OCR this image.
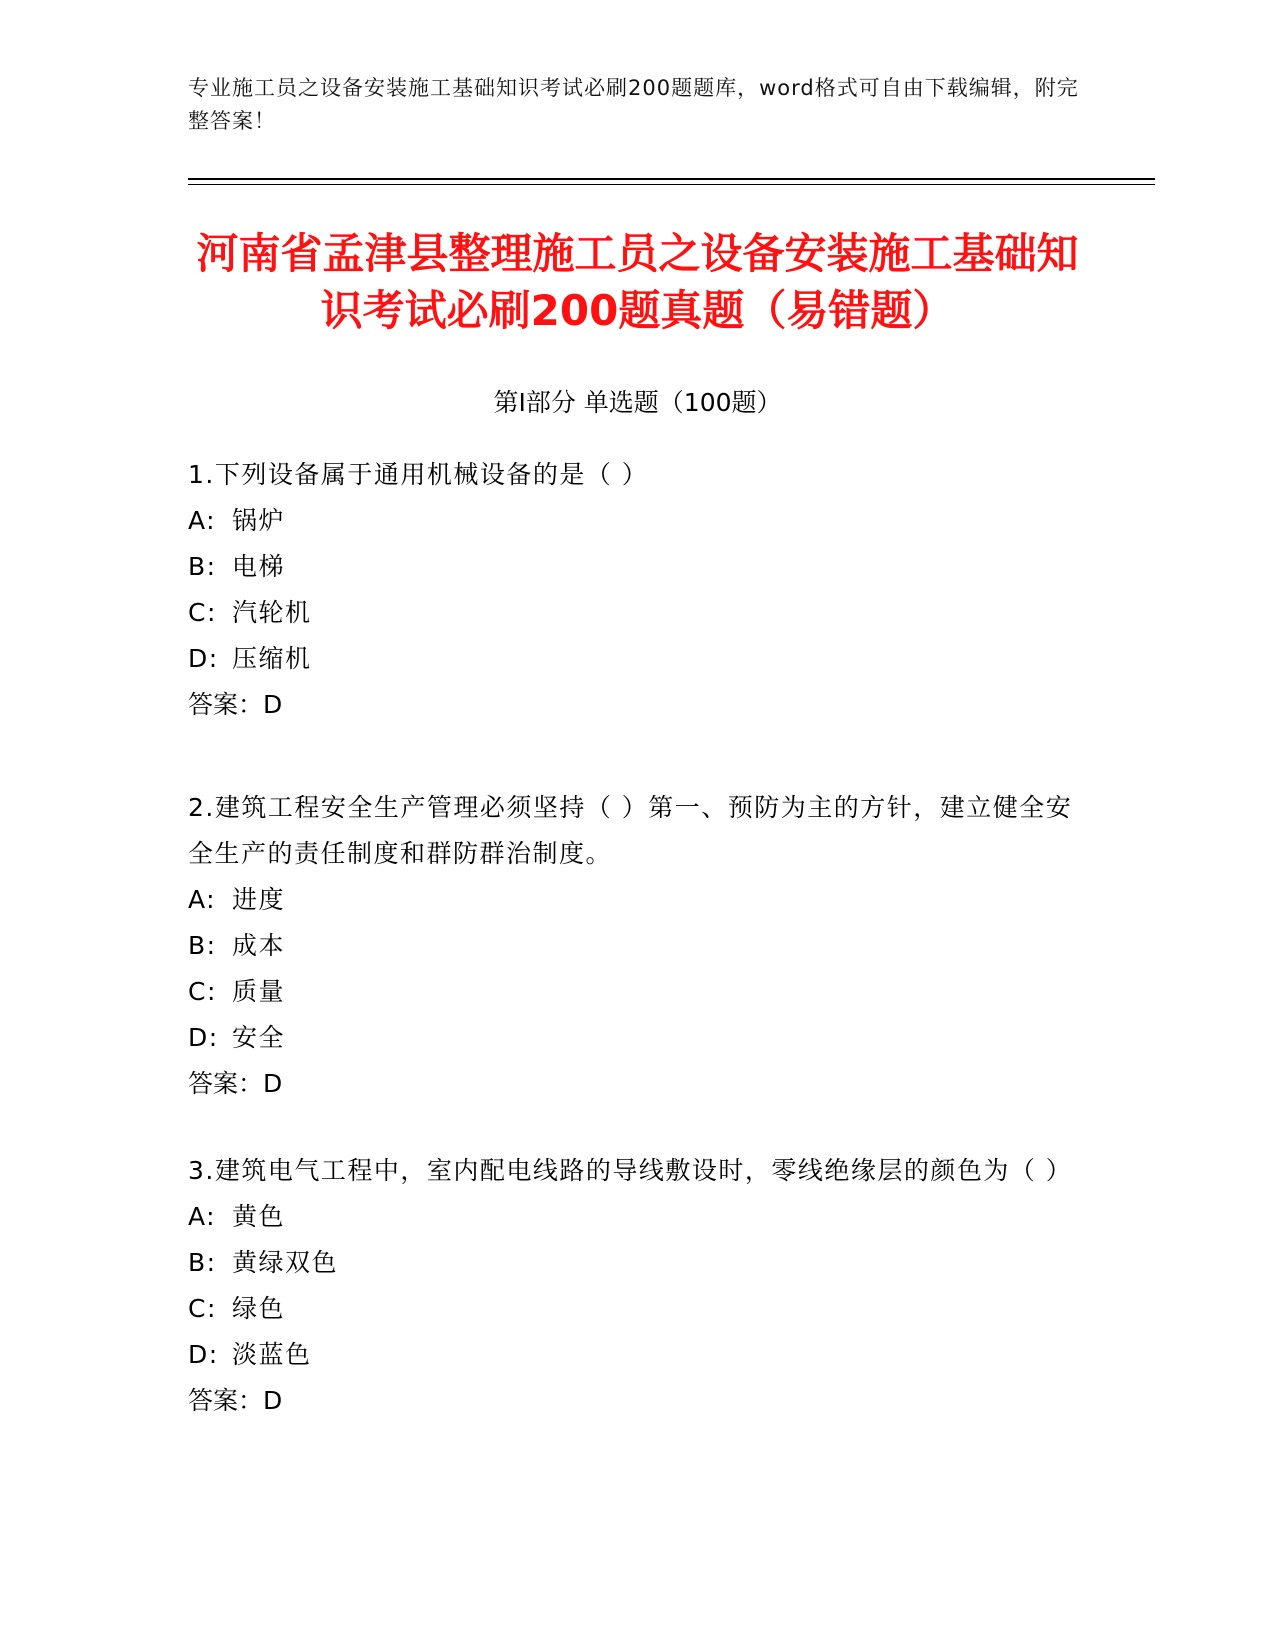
专业施工员之设备安装施工基础知识考试必刷200题题库，word格式可自由下载编辑，附完整答案！
河南省孟津县整理施工员之设备安装施工基础知识考试必刷200题真题（易错题）
第I部分 单选题（100题）
1.下列设备属于通用机械设备的是（ ）
A: 锅炉
B: 电梯
C: 汽轮机
D: 压缩机
答案：D
2.建筑工程安全生产管理必须坚持（ ）第一、预防为主的方针，建立健全安全生产的责任制度和群防群治制度。
A: 进度
B: 成本
C: 质量
D: 安全
答案：D
3.建筑电气工程中，室内配电线路的导线敷设时，零线绝缘层的颜色为（ ）
A: 黄色
B: 黄绿双色
C: 绿色
D: 淡蓝色
答案：D
